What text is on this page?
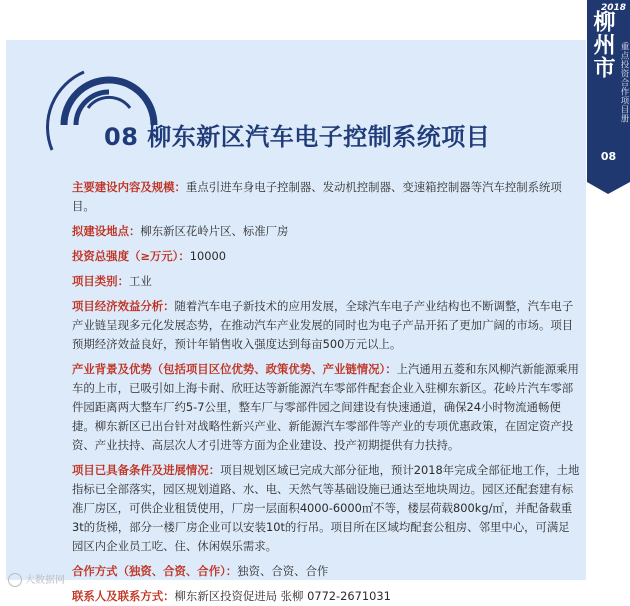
08 柳东新区汽车电子控制系统项目
2018
柳州市 重点投资合作项目册
08

主要建设内容及规模：重点引进车身电子控制器、发动机控制器、变速箱控制器等汽车控制系统项目。

拟建设地点：柳东新区花岭片区、标准厂房

投资总强度（≥万元）：10000

项目类别：工业

项目经济效益分析：随着汽车电子新技术的应用发展，全球汽车电子产业结构也不断调整，汽车电子产业链呈现多元化发展态势，在推动汽车产业发展的同时也为电子产品开拓了更加广阔的市场。项目预期经济效益良好，预计年销售收入强度达到每亩500万元以上。

产业背景及优势（包括项目区位优势、政策优势、产业链情况）：上汽通用五菱和东风柳汽新能源乘用车的上市，已吸引如上海卡耐、欣旺达等新能源汽车零部件配套企业入驻柳东新区。花岭片汽车零部件园距离两大整车厂约5-7公里，整车厂与零部件园之间建设有快速通道，确保24小时物流通畅便捷。柳东新区已出台针对战略性新兴产业、新能源汽车零部件等产业的专项优惠政策，在固定资产投资、产业扶持、高层次人才引进等方面为企业建设、投产初期提供有力扶持。

项目已具备条件及进展情况：项目规划区域已完成大部分征地，预计2018年完成全部征地工作，土地指标已全部落实，园区规划道路、水、电、天然气等基础设施已通达至地块周边。园区还配套建有标准厂房区，可供企业租赁使用，厂房一层面积4000-6000㎡不等，楼层荷载800kg/㎡，并配备载重3t的货梯，部分一楼厂房企业可以安装10t的行吊。项目所在区域均配套公租房、邻里中心，可满足园区内企业员工吃、住、休闲娱乐需求。

合作方式（独资、合资、合作）：独资、合资、合作

联系人及联系方式：柳东新区投资促进局 张柳 0772-2671031

大数据网
